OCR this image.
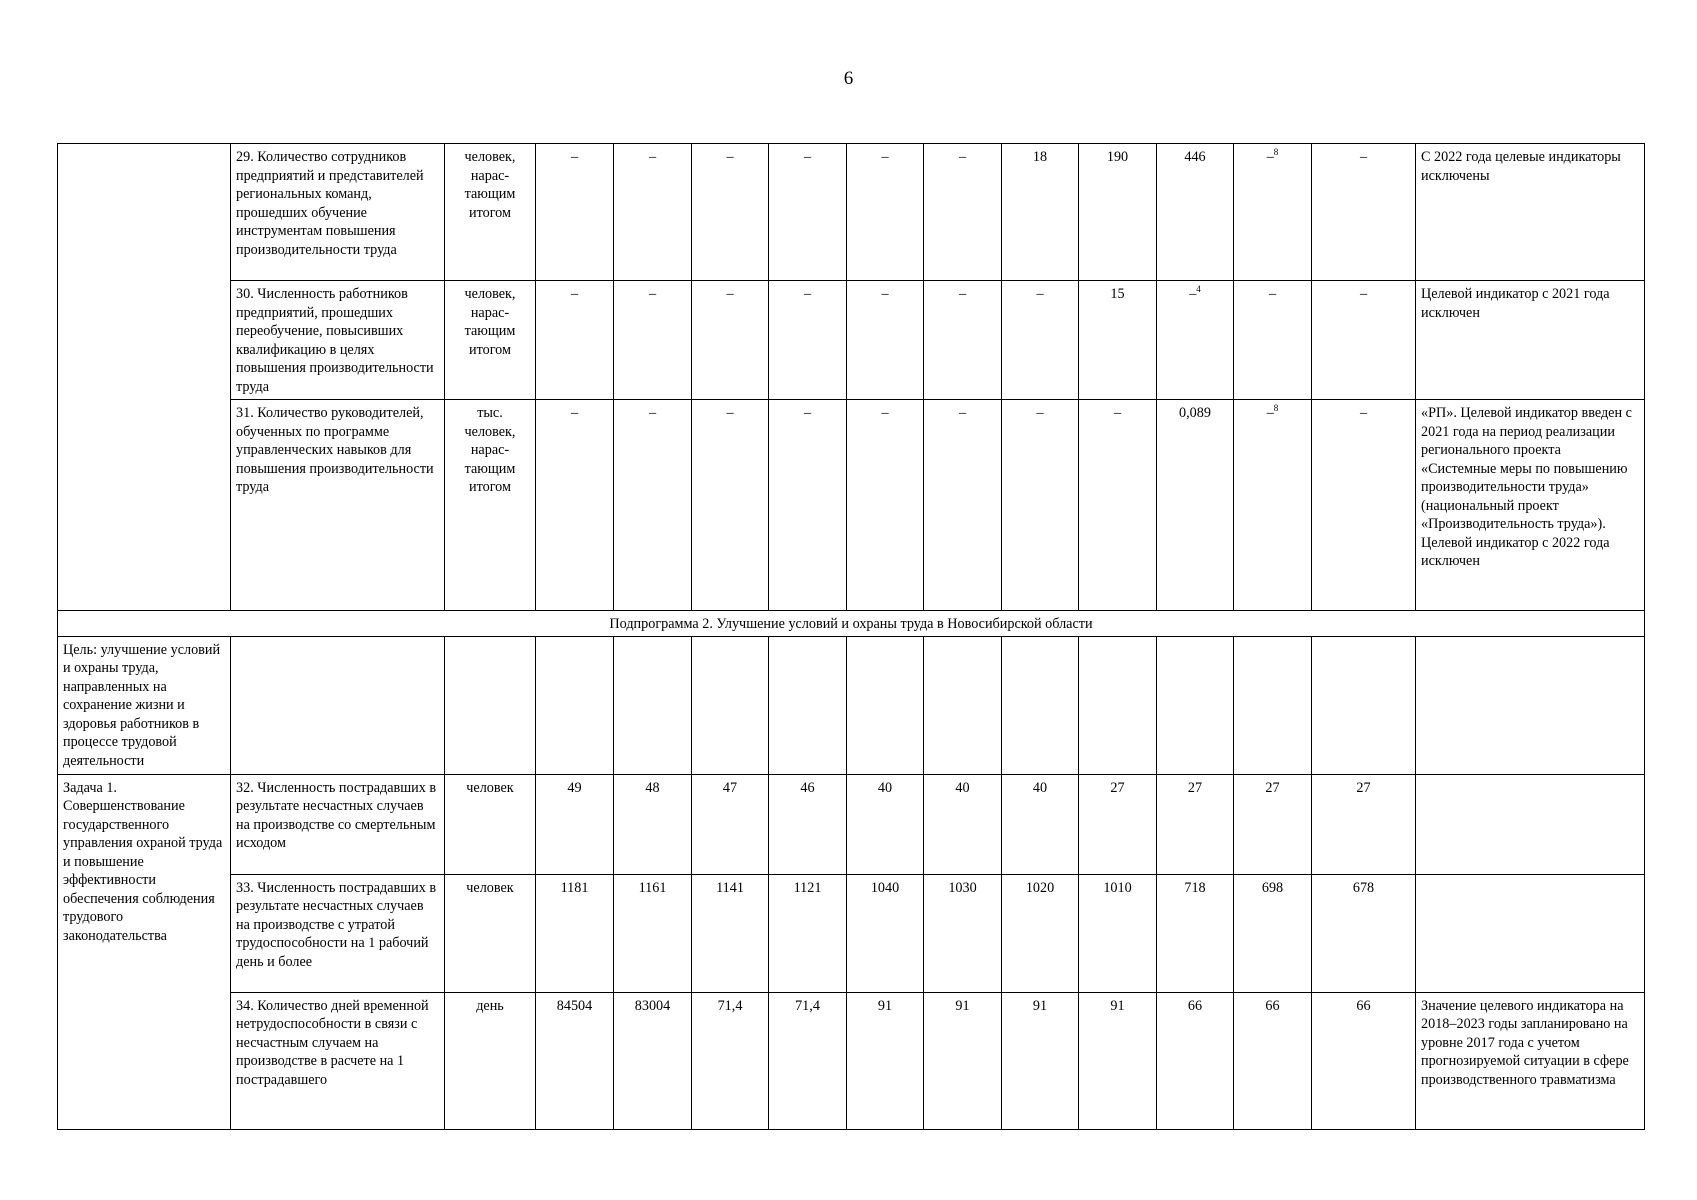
6
	29. Количество сотрудников предприятий и представителей региональных команд, прошедших обучение инструментам повышения производительности труда	человек, нарас-тающим итогом	–	–	–	–	–	–	18	190	446	–$^8$	–	С 2022 года целевые индикаторы исключены
	30. Численность работников предприятий, прошедших переобучение, повысивших квалификацию в целях повышения производительности труда	человек, нарас-тающим итогом	–	–	–	–	–	–	–	15	–$^4$	–	–	Целевой индикатор с 2021 года исключен
	31. Количество руководителей, обученных по программе управленческих навыков для повышения производительности труда	тыс. человек, нарас-тающим итогом	–	–	–	–	–	–	–	–	0,089	–$^8$	–	«РП». Целевой индикатор введен с 2021 года на период реализации регионального проекта «Системные меры по повышению производительности труда» (национальный проект «Производительность труда»). Целевой индикатор с 2022 года исключен
Подпрограмма 2. Улучшение условий и охраны труда в Новосибирской области														
Цель: улучшение условий и охраны труда, направленных на сохранение жизни и здоровья работников в процессе трудовой деятельности														
Задача 1. Совершенствование государственного управления охраной труда и повышение эффективности обеспечения соблюдения трудового законодательства	32. Численность пострадавших в результате несчастных случаев на производстве со смертельным исходом	человек	49	48	47	46	40	40	40	27	27	27	27	
	33. Численность пострадавших в результате несчастных случаев на производстве с утратой трудоспособности на 1 рабочий день и более	человек	1181	1161	1141	1121	1040	1030	1020	1010	718	698	678	
	34. Количество дней временной нетрудоспособности в связи с несчастным случаем на производстве в расчете на 1 пострадавшего	день	84504	83004	71,4	71,4	91	91	91	91	66	66	66	Значение целевого индикатора на 2018–2023 годы запланировано на уровне 2017 года с учетом прогнозируемой ситуации в сфере производственного травматизма
